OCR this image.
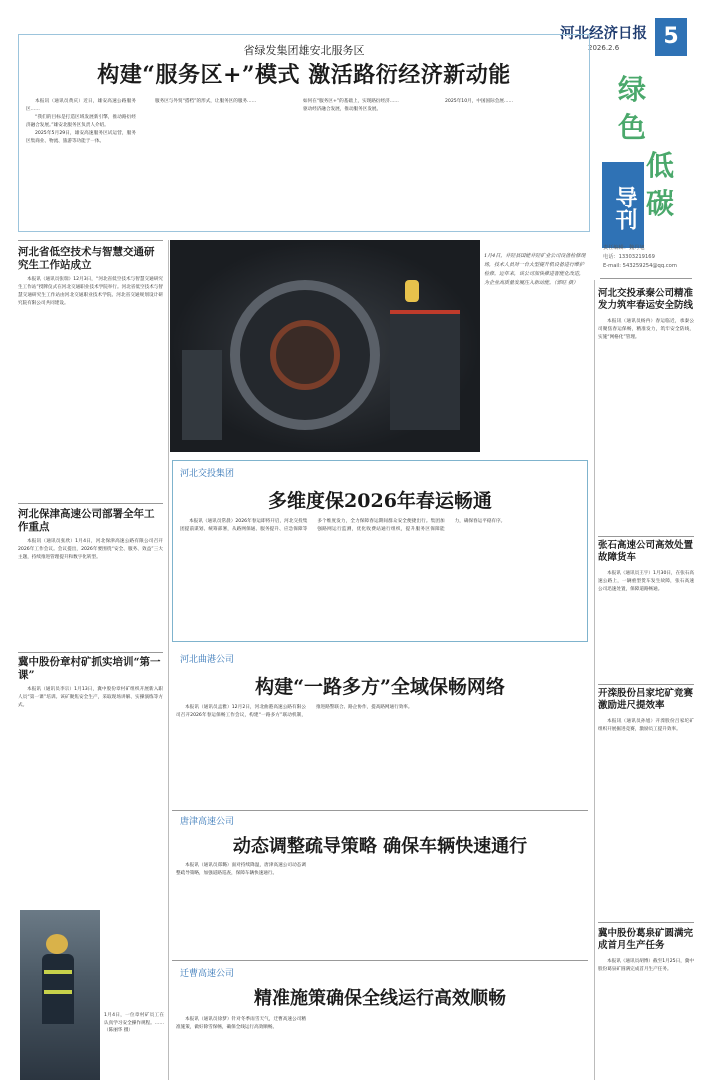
河北经济日报
2026.2.6	5
绿
色
低
碳
导刊
责任编辑：魏丹旭
电话：13303219169
E-mail: 543259254@qq.com
省绿发集团雄安北服务区
构建“服务区+”模式 激活路衍经济新动能

本报讯（通讯员黄庆）近日，雄安高速公路服务区……

“我们的目标是打造区域发展新引擎，推动路衍经济融合发展。”雄安北服务区负责人介绍。

2025年5月29日，雄安高速服务区试运营，服务区集商业、物流、旅游等功能于一体。

服务区与外贸“搭档”的形式，让服务区的服务……	如何在“服务区+”的基础上，实现路衍经济……

驱动经济融合发展，推动服务区发展。

2025年10月，中国国际会展……

河北省低空技术与智慧交通研究生工作站成立

本报讯（通讯员张瑞）12月3日，“河北省低空技术与智慧交通研究生工作站”授牌仪式在河北交通职业技术学院举行。河北省低空技术与智慧交通研究生工作站由河北交通职业技术学院、河北省交通规划设计研究院有限公司共同建设。

河北保津高速公司部署全年工作重点

本报讯（通讯员张欣）1月4日，河北保津高速公路有限公司召开2026年工作会议。会议提出，2026年要围绕“安全、服务、效益”三大主题，持续推进管理提升和数字化转型。

冀中股份章村矿抓实培训“第一课”

本报讯（通讯员李宗）1月13日，冀中股份章村矿组织开展新入职人员“第一课”培训。该矿聚焦安全生产，采取现场讲解、实操演练等方式。

1月4日，一位章村矿员工在认真学习安全操作规程。……（陈丽华 摄）
1月4日，井陉县国能井陉矿业公司设备检修现场，技术人员对一台大型提升机设备进行维护检修。近年来，该公司加快推进智能化改造，为企业高质量发展注入新动能。（郭旺 摄）
河北交投集团
多维度保2026年春运畅通

本报讯（通讯员常晨）2026年春运即将开启，河北交投集团提前谋划、统筹部署，从路网保通、服务提升、应急保障等多个维度发力，全力保障春运期间群众安全便捷出行。集团加强路网运行监测，优化收费站通行组织，提升服务区保障能力，确保春运平稳有序。

河北曲港公司
构建“一路多方”全域保畅网络

本报讯（通讯员孟雅）12月2日，河北曲港高速公路有限公司召开2026年春运保畅工作会议，构建“一路多方”联动机制，推进路警联合、路企协作，提高路网通行效率。

唐津高速公司
动态调整疏导策略 确保车辆快速通行

本报讯（通讯员郑璐）面对持续降温，唐津高速公司动态调整疏导策略，加强道路巡查，保障车辆快速通行。

迁曹高速公司
精准施策确保全线运行高效顺畅

本报讯（通讯员徐梦）针对冬季雨雪天气，迁曹高速公司精准施策，做好除雪保畅，确保全线运行高效顺畅。

河北交投承秦公司精准发力筑牢春运安全防线

本报讯（通讯员杨冉）春运临近，承秦公司聚焦春运保畅，精准发力，筑牢安全防线，实施“网格化”管理。

张石高速公司高效处置故障货车

本报讯（通讯员王宇）1月30日，在张石高速公路上，一辆重型货车发生故障，张石高速公司迅速处置，保障道路畅通。

开滦股份吕家坨矿竞赛激励进尺提效率

本报讯（通讯员孙旭）开滦股份吕家坨矿组织开展掘进竞赛，激励员工提升效率。

冀中股份葛泉矿圆满完成首月生产任务

本报讯（通讯员胡博）截至1月25日，冀中股份葛泉矿圆满完成首月生产任务。
